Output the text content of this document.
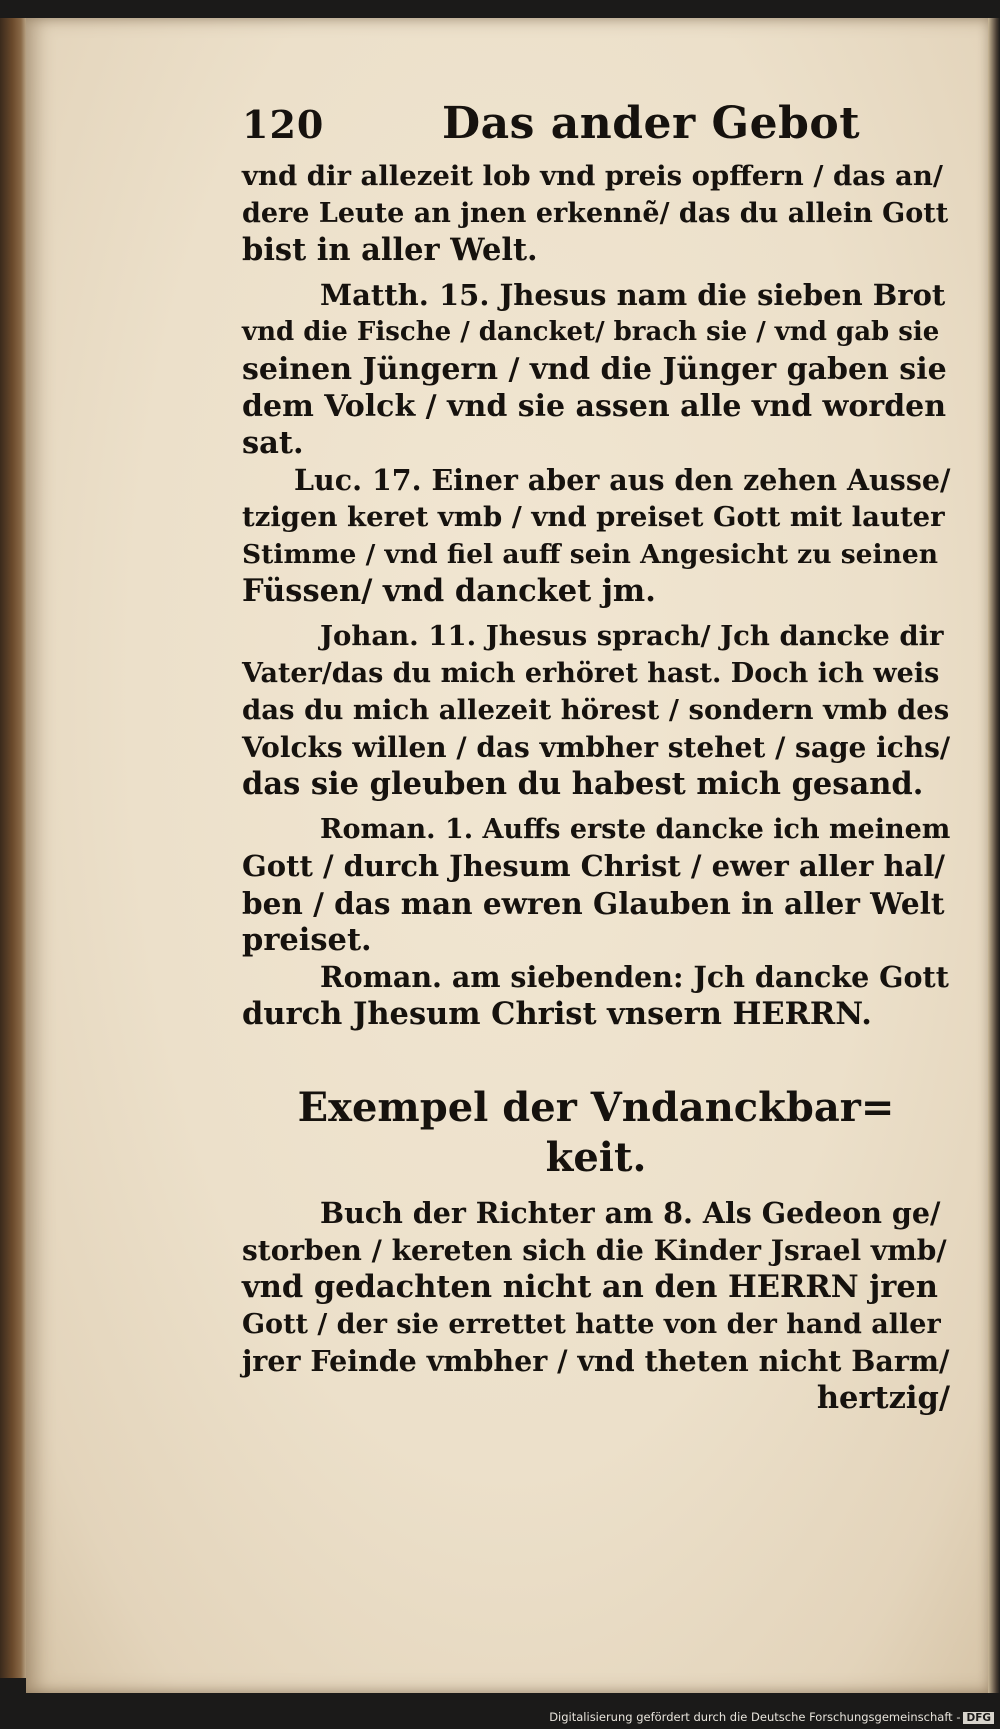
120	Das ander Gebot
vnd dir allezeit lob vnd preis opffern / das an/
dere Leute an jnen erkennẽ/ das du allein Gott
bist in aller Welt.
Matth. 15. Jhesus nam die sieben Brot
vnd die Fische / dancket/ brach sie / vnd gab sie
seinen Jüngern / vnd die Jünger gaben sie
dem Volck / vnd sie assen alle vnd worden
sat.
Luc. 17. Einer aber aus den zehen Ausse/
tzigen keret vmb / vnd preiset Gott mit lauter
Stimme / vnd fiel auff sein Angesicht zu seinen
Füssen/ vnd dancket jm.
Johan. 11. Jhesus sprach/ Jch dancke dir
Vater/das du mich erhöret hast. Doch ich weis
das du mich allezeit hörest / sondern vmb des
Volcks willen / das vmbher stehet / sage ichs/
das sie gleuben du habest mich gesand.
Roman. 1. Auffs erste dancke ich meinem
Gott / durch Jhesum Christ / ewer aller hal/
ben / das man ewren Glauben in aller Welt
preiset.
Roman. am siebenden: Jch dancke Gott
durch Jhesum Christ vnsern HERRN.
Exempel der Vndanckbar=
keit.
Buch der Richter am 8. Als Gedeon ge/
storben / kereten sich die Kinder Jsrael vmb/
vnd gedachten nicht an den HERRN jren
Gott / der sie errettet hatte von der hand aller
jrer Feinde vmbher / vnd theten nicht Barm/
hertzig/
Digitalisierung gefördert durch die Deutsche Forschungsgemeinschaft - DFG
